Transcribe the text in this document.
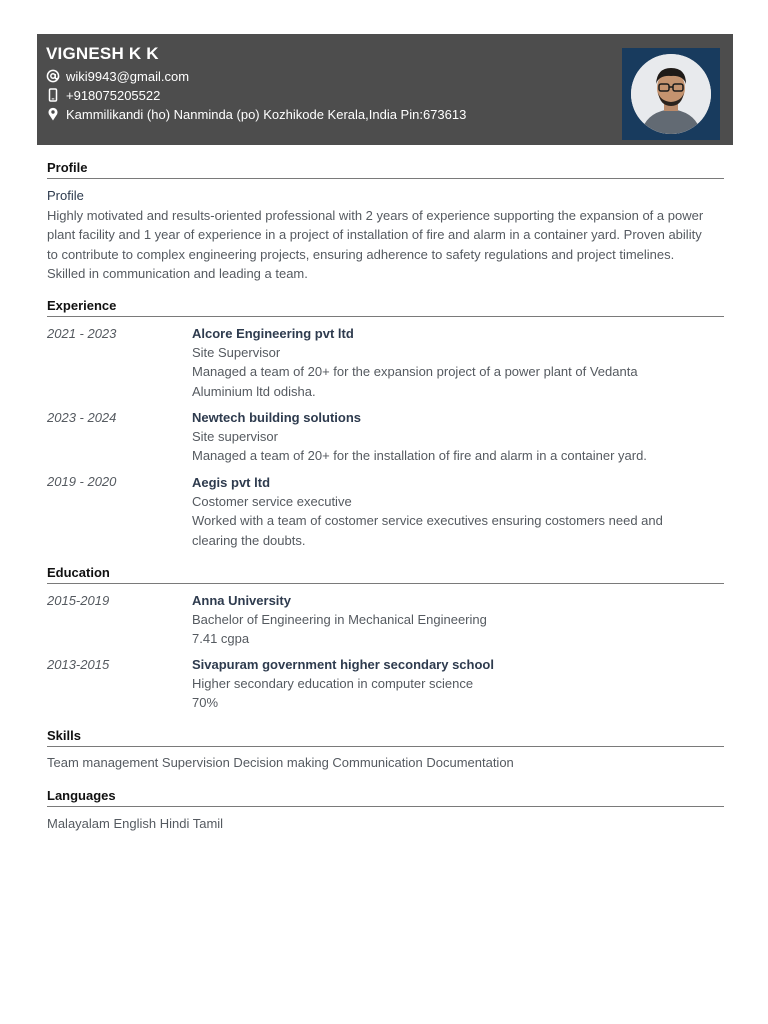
VIGNESH K K
wiki9943@gmail.com
+918075205522
Kammilikandi (ho) Nanminda (po) Kozhikode Kerala,India Pin:673613
Profile
Profile
Highly motivated and results-oriented professional with 2 years of experience supporting the expansion of a power plant facility and 1 year of experience in a project of installation of fire and alarm in a container yard. Proven ability to contribute to complex engineering projects, ensuring adherence to safety regulations and project timelines. Skilled in communication and leading a team.
Experience
2021 - 2023	Alcore Engineering pvt ltd
Site Supervisor
Managed a team of 20+ for the expansion project of a power plant of Vedanta Aluminium ltd odisha.
2023 - 2024	Newtech building solutions
Site supervisor
Managed a team of 20+ for the installation of fire and alarm in a container yard.
2019 - 2020	Aegis pvt ltd
Costomer service executive
Worked with a team of costomer service executives ensuring costomers need and clearing the doubts.
Education
2015-2019	Anna University
Bachelor of Engineering in Mechanical Engineering
7.41 cgpa
2013-2015	Sivapuram government higher secondary school
Higher secondary education in computer science
70%
Skills
Team management Supervision Decision making Communication Documentation
Languages
Malayalam English Hindi Tamil
